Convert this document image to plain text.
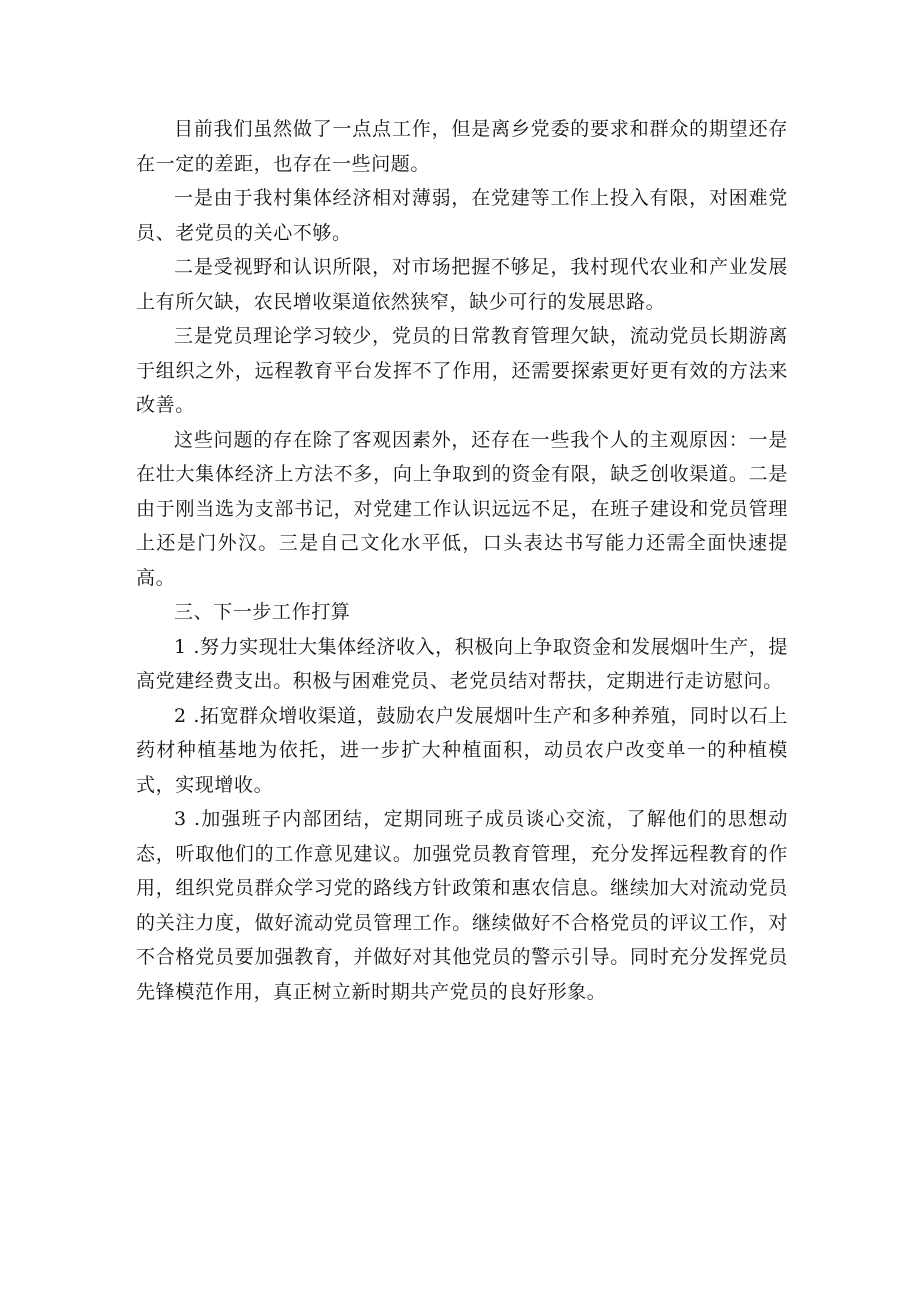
目前我们虽然做了一点点工作，但是离乡党委的要求和群众的期望还存在一定的差距，也存在一些问题。

一是由于我村集体经济相对薄弱，在党建等工作上投入有限，对困难党员、老党员的关心不够。

二是受视野和认识所限，对市场把握不够足，我村现代农业和产业发展上有所欠缺，农民增收渠道依然狭窄，缺少可行的发展思路。

三是党员理论学习较少，党员的日常教育管理欠缺，流动党员长期游离于组织之外，远程教育平台发挥不了作用，还需要探索更好更有效的方法来改善。

这些问题的存在除了客观因素外，还存在一些我个人的主观原因：一是在壮大集体经济上方法不多，向上争取到的资金有限，缺乏创收渠道。二是由于刚当选为支部书记，对党建工作认识远远不足，在班子建设和党员管理上还是门外汉。三是自己文化水平低，口头表达书写能力还需全面快速提高。

三、下一步工作打算

1 .努力实现壮大集体经济收入，积极向上争取资金和发展烟叶生产，提高党建经费支出。积极与困难党员、老党员结对帮扶，定期进行走访慰问。

2 .拓宽群众增收渠道，鼓励农户发展烟叶生产和多种养殖，同时以石上药材种植基地为依托，进一步扩大种植面积，动员农户改变单一的种植模式，实现增收。

3 .加强班子内部团结，定期同班子成员谈心交流，了解他们的思想动态，听取他们的工作意见建议。加强党员教育管理，充分发挥远程教育的作用，组织党员群众学习党的路线方针政策和惠农信息。继续加大对流动党员的关注力度，做好流动党员管理工作。继续做好不合格党员的评议工作，对不合格党员要加强教育，并做好对其他党员的警示引导。同时充分发挥党员先锋模范作用，真正树立新时期共产党员的良好形象。
